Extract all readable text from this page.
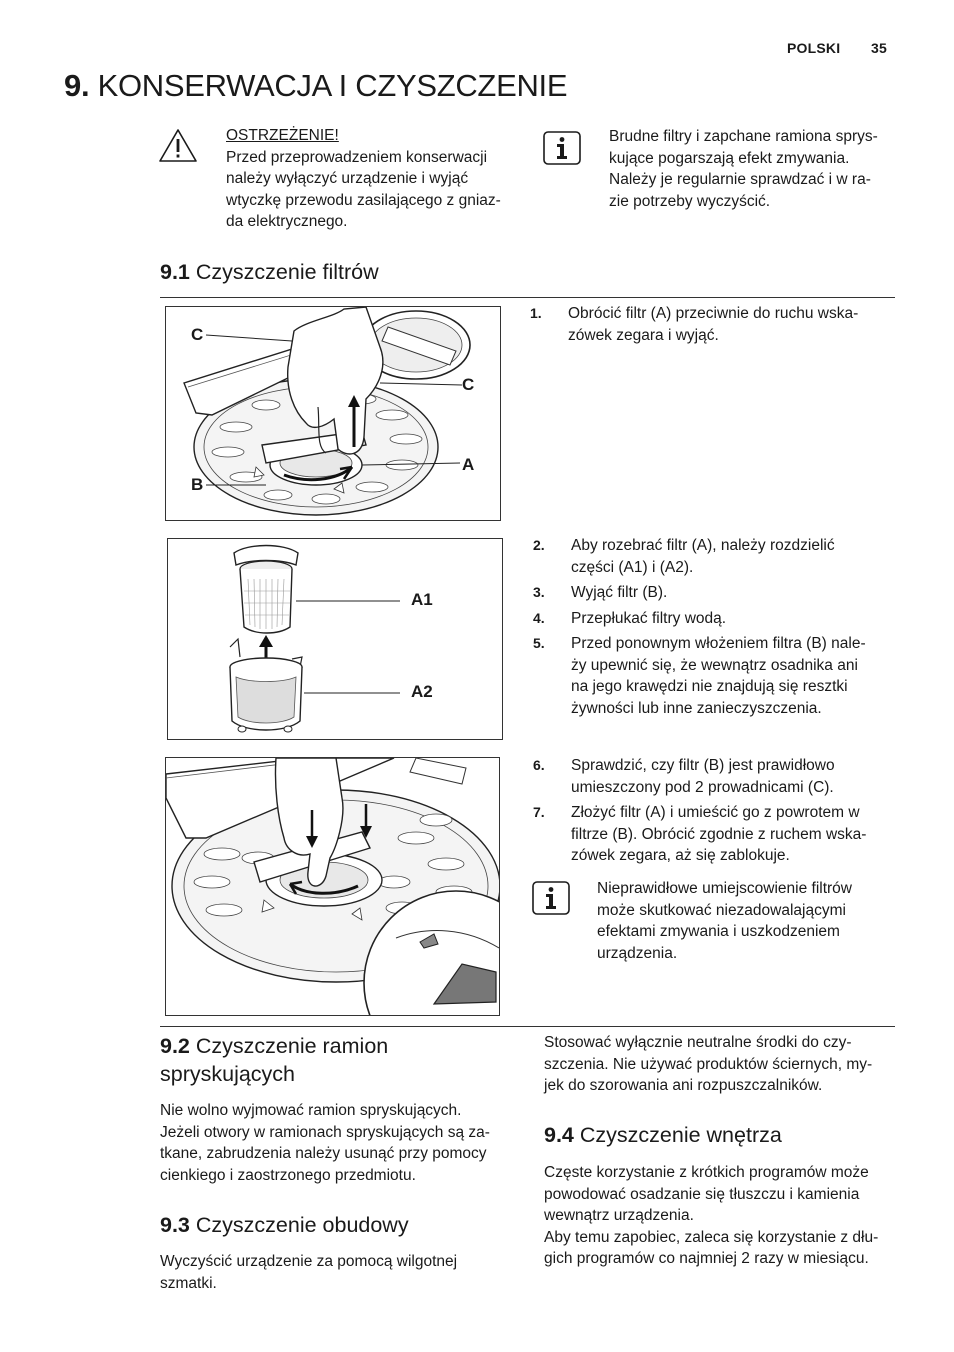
POLSKI 35
9. KONSERWACJA I CZYSZCZENIE
OSTRZEŻENIE!
Przed przeprowadzeniem konserwacji
należy wyłączyć urządzenie i wyjąć
wtyczkę przewodu zasilającego z gniaz-
da elektrycznego.
Brudne filtry i zapchane ramiona sprys-
kujące pogarszają efekt zmywania.
Należy je regularnie sprawdzać i w ra-
zie potrzeby wyczyścić.
9.1 Czyszczenie filtrów
C
C
A
B
1. Obrócić filtr (A) przeciwnie do ruchu wska-
zówek zegara i wyjąć.
A1
A2
2. Aby rozebrać filtr (A), należy rozdzielić
części (A1) i (A2).
3. Wyjąć filtr (B).
4. Przepłukać filtry wodą.
5. Przed ponownym włożeniem filtra (B) nale-
ży upewnić się, że wewnątrz osadnika ani
na jego krawędzi nie znajdują się resztki
żywności lub inne zanieczyszczenia.
6. Sprawdzić, czy filtr (B) jest prawidłowo
umieszczony pod 2 prowadnicami (C).
7. Złożyć filtr (A) i umieścić go z powrotem w
filtrze (B). Obrócić zgodnie z ruchem wska-
zówek zegara, aż się zablokuje.
Nieprawidłowe umiejscowienie filtrów
może skutkować niezadowalającymi
efektami zmywania i uszkodzeniem
urządzenia.
9.2 Czyszczenie ramion
spryskujących
Nie wolno wyjmować ramion spryskujących.
Jeżeli otwory w ramionach spryskujących są za-
tkane, zabrudzenia należy usunąć przy pomocy
cienkiego i zaostrzonego przedmiotu.
9.3 Czyszczenie obudowy
Wyczyścić urządzenie za pomocą wilgotnej
szmatki.
Stosować wyłącznie neutralne środki do czy-
szczenia. Nie używać produktów ściernych, my-
jek do szorowania ani rozpuszczalników.
9.4 Czyszczenie wnętrza
Częste korzystanie z krótkich programów może
powodować osadzanie się tłuszczu i kamienia
wewnątrz urządzenia.
Aby temu zapobiec, zaleca się korzystanie z dłu-
gich programów co najmniej 2 razy w miesiącu.
